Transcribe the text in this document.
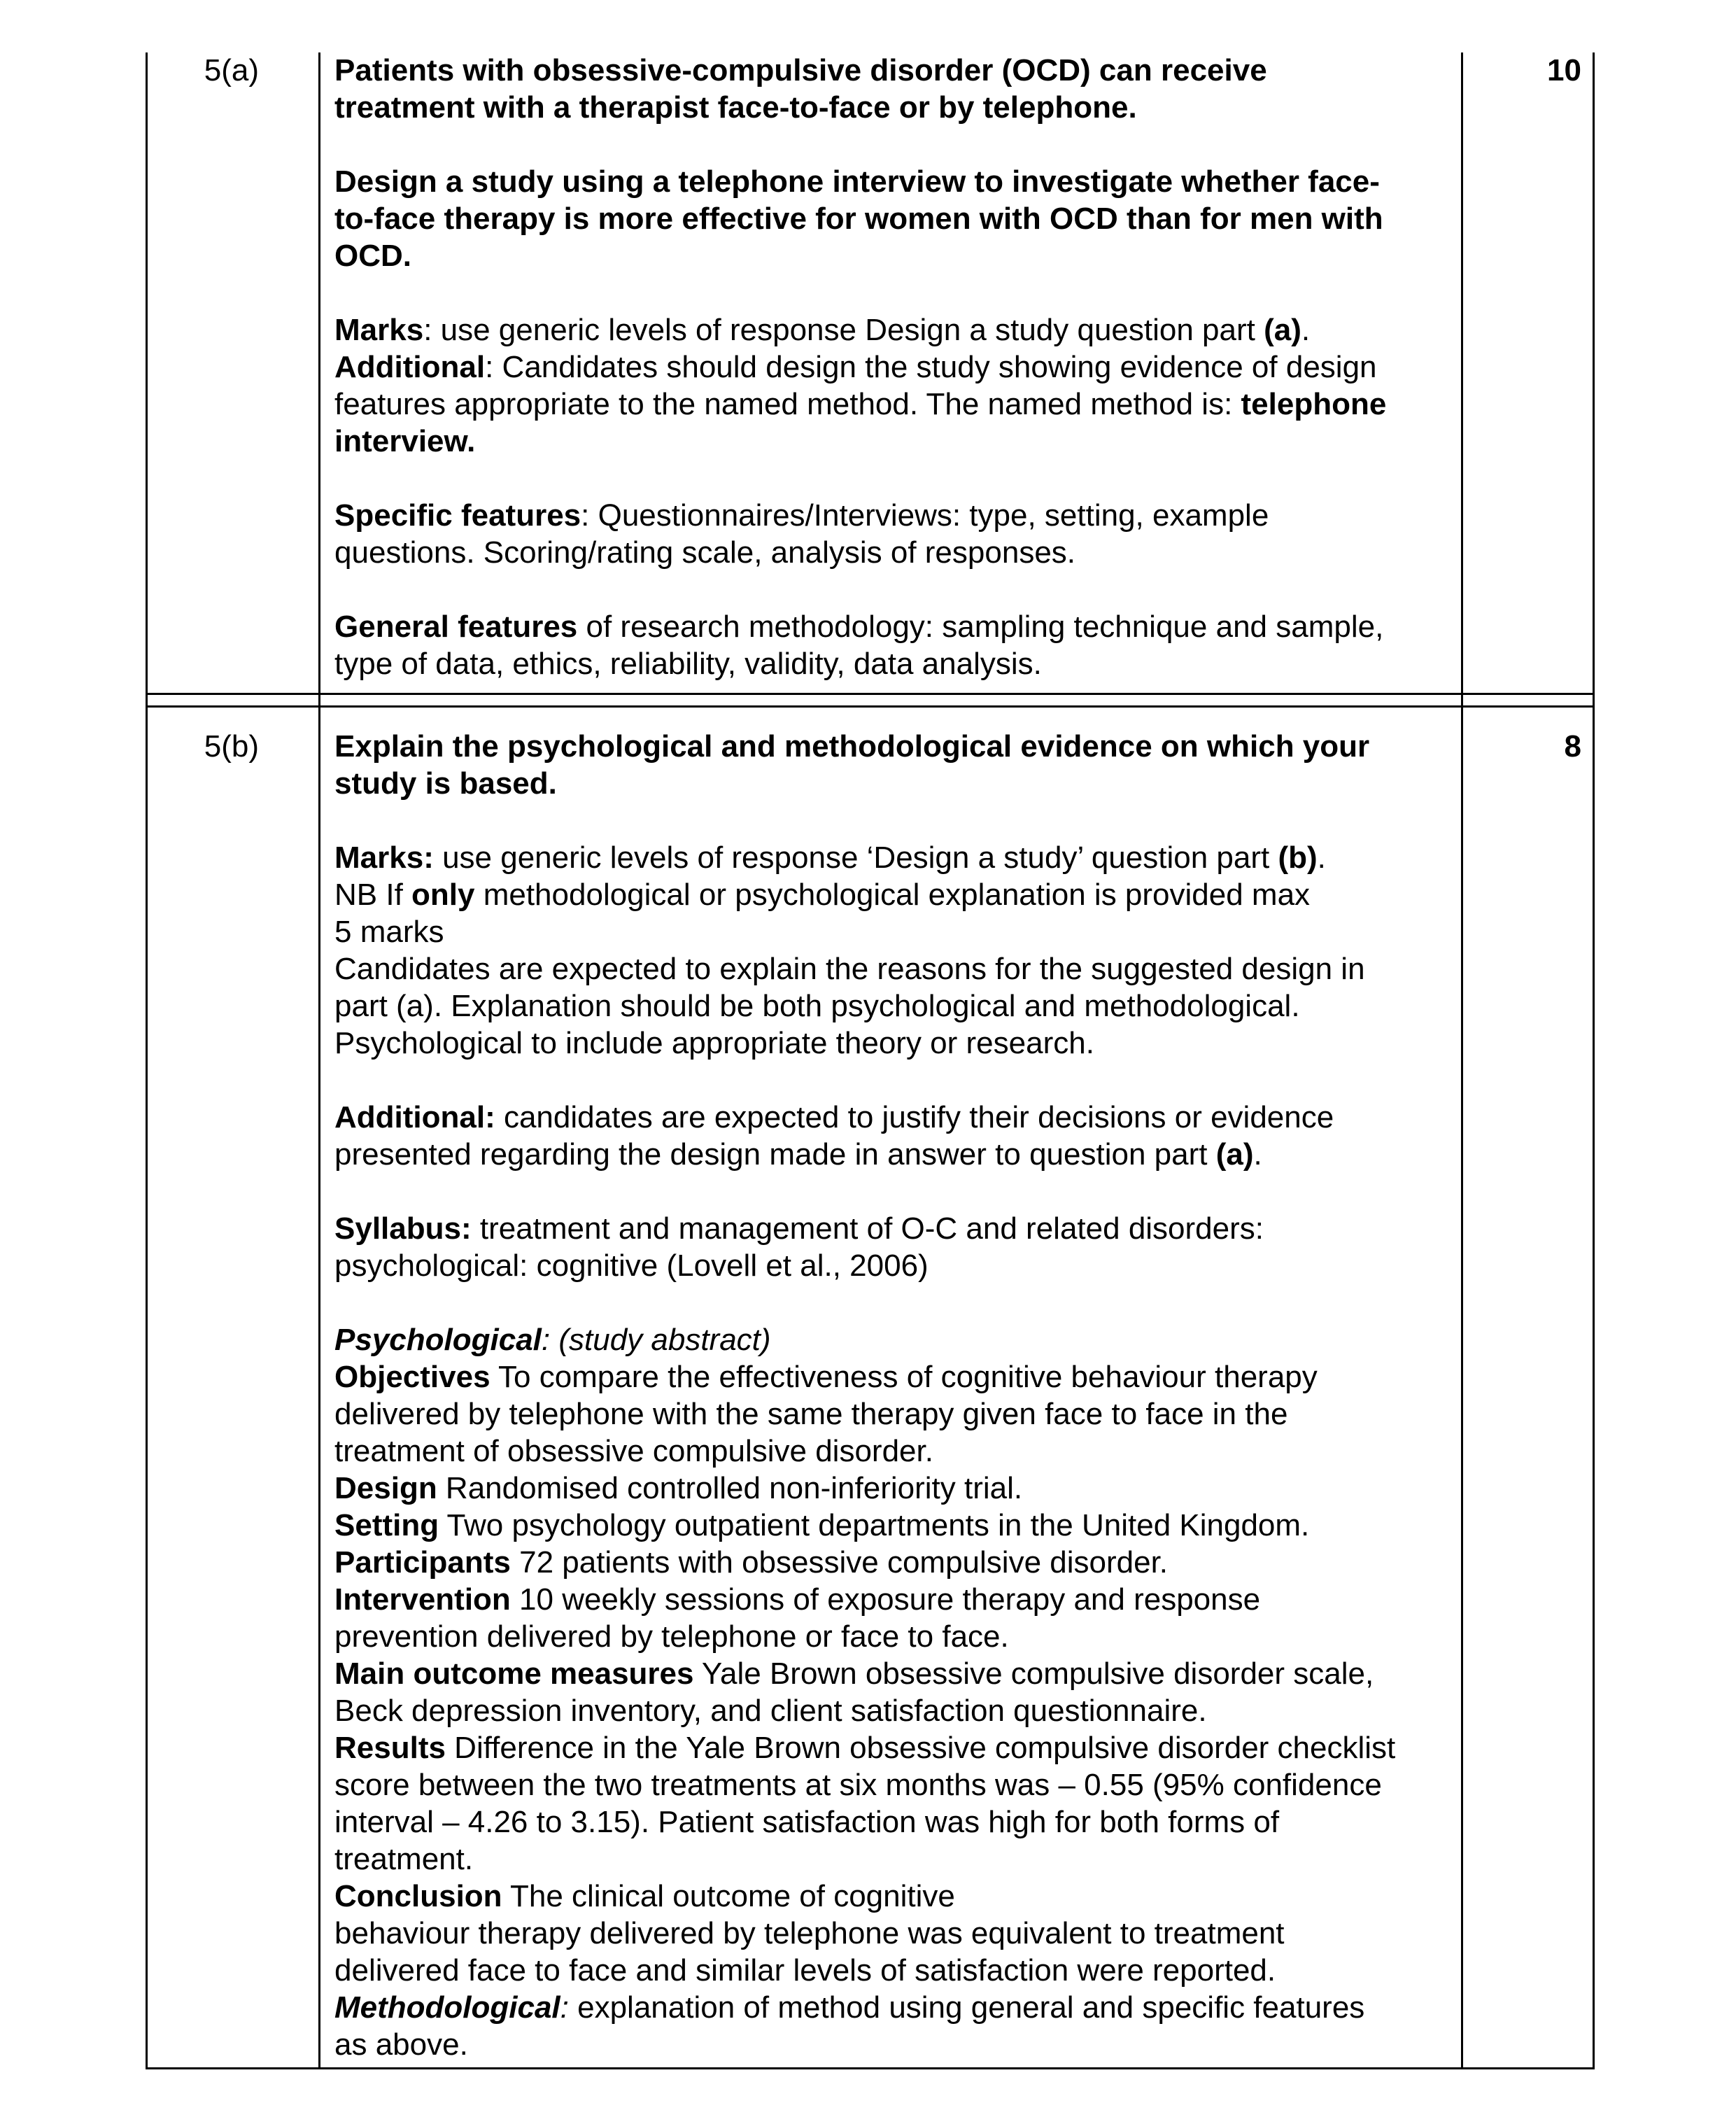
5(a)	10

Patients with obsessive-compulsive disorder (OCD) can receive

treatment with a therapist face-to-face or by telephone.

Design a study using a telephone interview to investigate whether face-

to-face therapy is more effective for women with OCD than for men with

OCD.

Marks: use generic levels of response Design a study question part (a).

Additional: Candidates should design the study showing evidence of design

features appropriate to the named method. The named method is: telephone

interview.

Specific features: Questionnaires/Interviews: type, setting, example

questions. Scoring/rating scale, analysis of responses.

General features of research methodology: sampling technique and sample,

type of data, ethics, reliability, validity, data analysis.

5(b)	8

Explain the psychological and methodological evidence on which your

study is based.

Marks: use generic levels of response ‘Design a study’ question part (b).

NB If only methodological or psychological explanation is provided max

5 marks

Candidates are expected to explain the reasons for the suggested design in

part (a). Explanation should be both psychological and methodological.

Psychological to include appropriate theory or research.

Additional: candidates are expected to justify their decisions or evidence

presented regarding the design made in answer to question part (a).

Syllabus: treatment and management of O-C and related disorders:

psychological: cognitive (Lovell et al., 2006)

Psychological: (study abstract)

Objectives To compare the effectiveness of cognitive behaviour therapy

delivered by telephone with the same therapy given face to face in the

treatment of obsessive compulsive disorder.

Design Randomised controlled non-inferiority trial.

Setting Two psychology outpatient departments in the United Kingdom.

Participants 72 patients with obsessive compulsive disorder.

Intervention 10 weekly sessions of exposure therapy and response

prevention delivered by telephone or face to face.

Main outcome measures Yale Brown obsessive compulsive disorder scale,

Beck depression inventory, and client satisfaction questionnaire.

Results Difference in the Yale Brown obsessive compulsive disorder checklist

score between the two treatments at six months was – 0.55 (95% confidence

interval – 4.26 to 3.15). Patient satisfaction was high for both forms of

treatment.

Conclusion The clinical outcome of cognitive

behaviour therapy delivered by telephone was equivalent to treatment

delivered face to face and similar levels of satisfaction were reported.

Methodological: explanation of method using general and specific features

as above.
